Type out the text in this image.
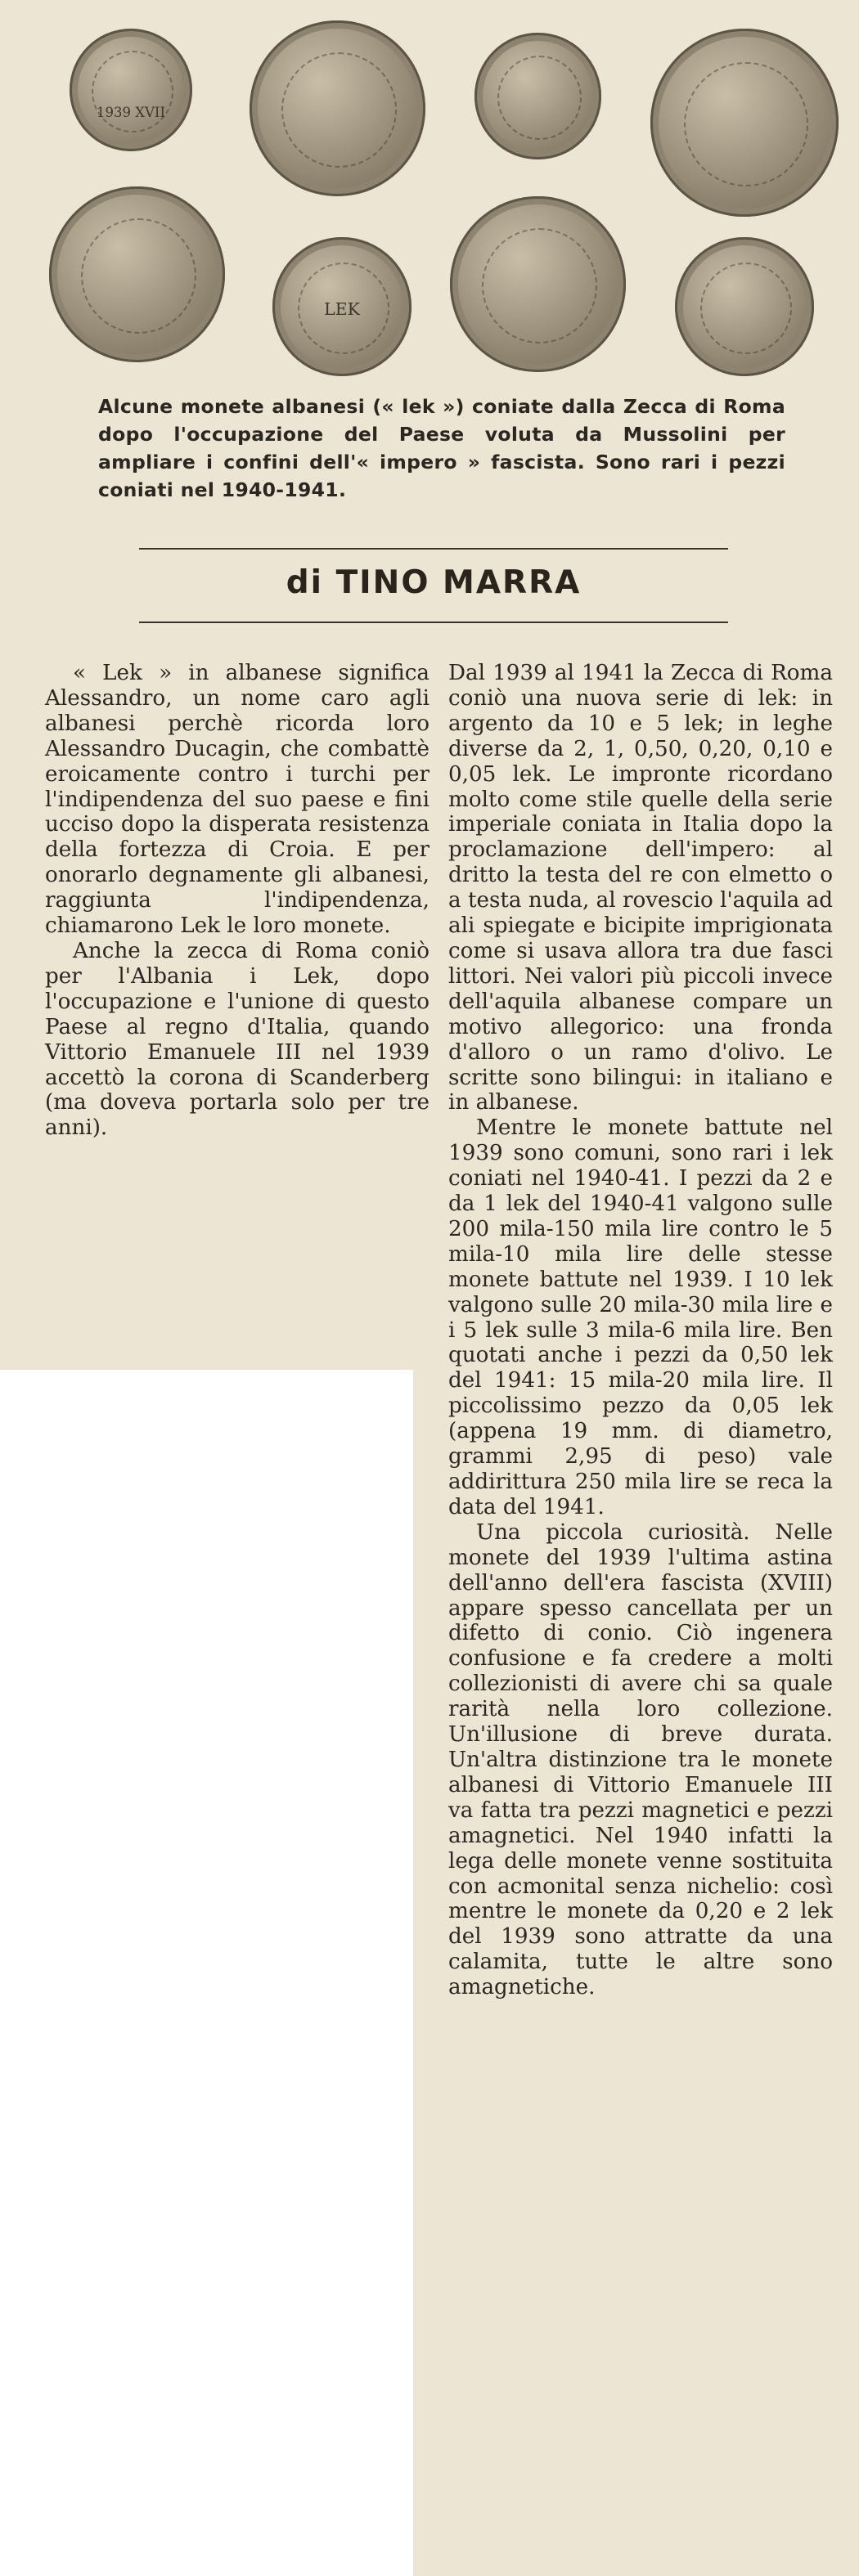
1939 XVII
LEK
Alcune monete albanesi (« lek ») coniate dalla Zecca di Roma dopo l'occupazione del Paese voluta da Mussolini per ampliare i confini dell'« impero » fascista. Sono rari i pezzi coniati nel 1940-1941.
di TINO MARRA

« Lek » in albanese significa Alessandro, un nome caro agli albanesi perchè ricorda loro Alessandro Ducagin, che combattè eroicamente contro i turchi per l'indipendenza del suo paese e fini ucciso dopo la disperata resistenza della fortezza di Croia. E per onorarlo degnamente gli albanesi, raggiunta l'indipendenza, chiamarono Lek le loro monete.

Anche la zecca di Roma coniò per l'Albania i Lek, dopo l'occupazione e l'unione di questo Paese al regno d'Italia, quando Vittorio Emanuele III nel 1939 accettò la corona di Scanderberg (ma doveva portarla solo per tre anni).

Dal 1939 al 1941 la Zecca di Roma coniò una nuova serie di lek: in argento da 10 e 5 lek; in leghe diverse da 2, 1, 0,50, 0,20, 0,10 e 0,05 lek. Le impronte ricordano molto come stile quelle della serie imperiale coniata in Italia dopo la proclamazione dell'impero: al dritto la testa del re con elmetto o a testa nuda, al rovescio l'aquila ad ali spiegate e bicipite imprigionata come si usava allora tra due fasci littori. Nei valori più piccoli invece dell'aquila albanese compare un motivo allegorico: una fronda d'alloro o un ramo d'olivo. Le scritte sono bilingui: in italiano e in albanese.

Mentre le monete battute nel 1939 sono comuni, sono rari i lek coniati nel 1940-41. I pezzi da 2 e da 1 lek del 1940-41 valgono sulle 200 mila-150 mila lire contro le 5 mila-10 mila lire delle stesse monete battute nel 1939. I 10 lek valgono sulle 20 mila-30 mila lire e i 5 lek sulle 3 mila-6 mila lire. Ben quotati anche i pezzi da 0,50 lek del 1941: 15 mila-20 mila lire. Il piccolissimo pezzo da 0,05 lek (appena 19 mm. di diametro, grammi 2,95 di peso) vale addirittura 250 mila lire se reca la data del 1941.

Una piccola curiosità. Nelle monete del 1939 l'ultima astina dell'anno dell'era fascista (XVIII) appare spesso cancellata per un difetto di conio. Ciò ingenera confusione e fa credere a molti collezionisti di avere chi sa quale rarità nella loro collezione. Un'illusione di breve durata. Un'altra distinzione tra le monete albanesi di Vittorio Emanuele III va fatta tra pezzi magnetici e pezzi amagnetici. Nel 1940 infatti la lega delle monete venne sostituita con acmonital senza nichelio: così mentre le monete da 0,20 e 2 lek del 1939 sono attratte da una calamita, tutte le altre sono amagnetiche.
